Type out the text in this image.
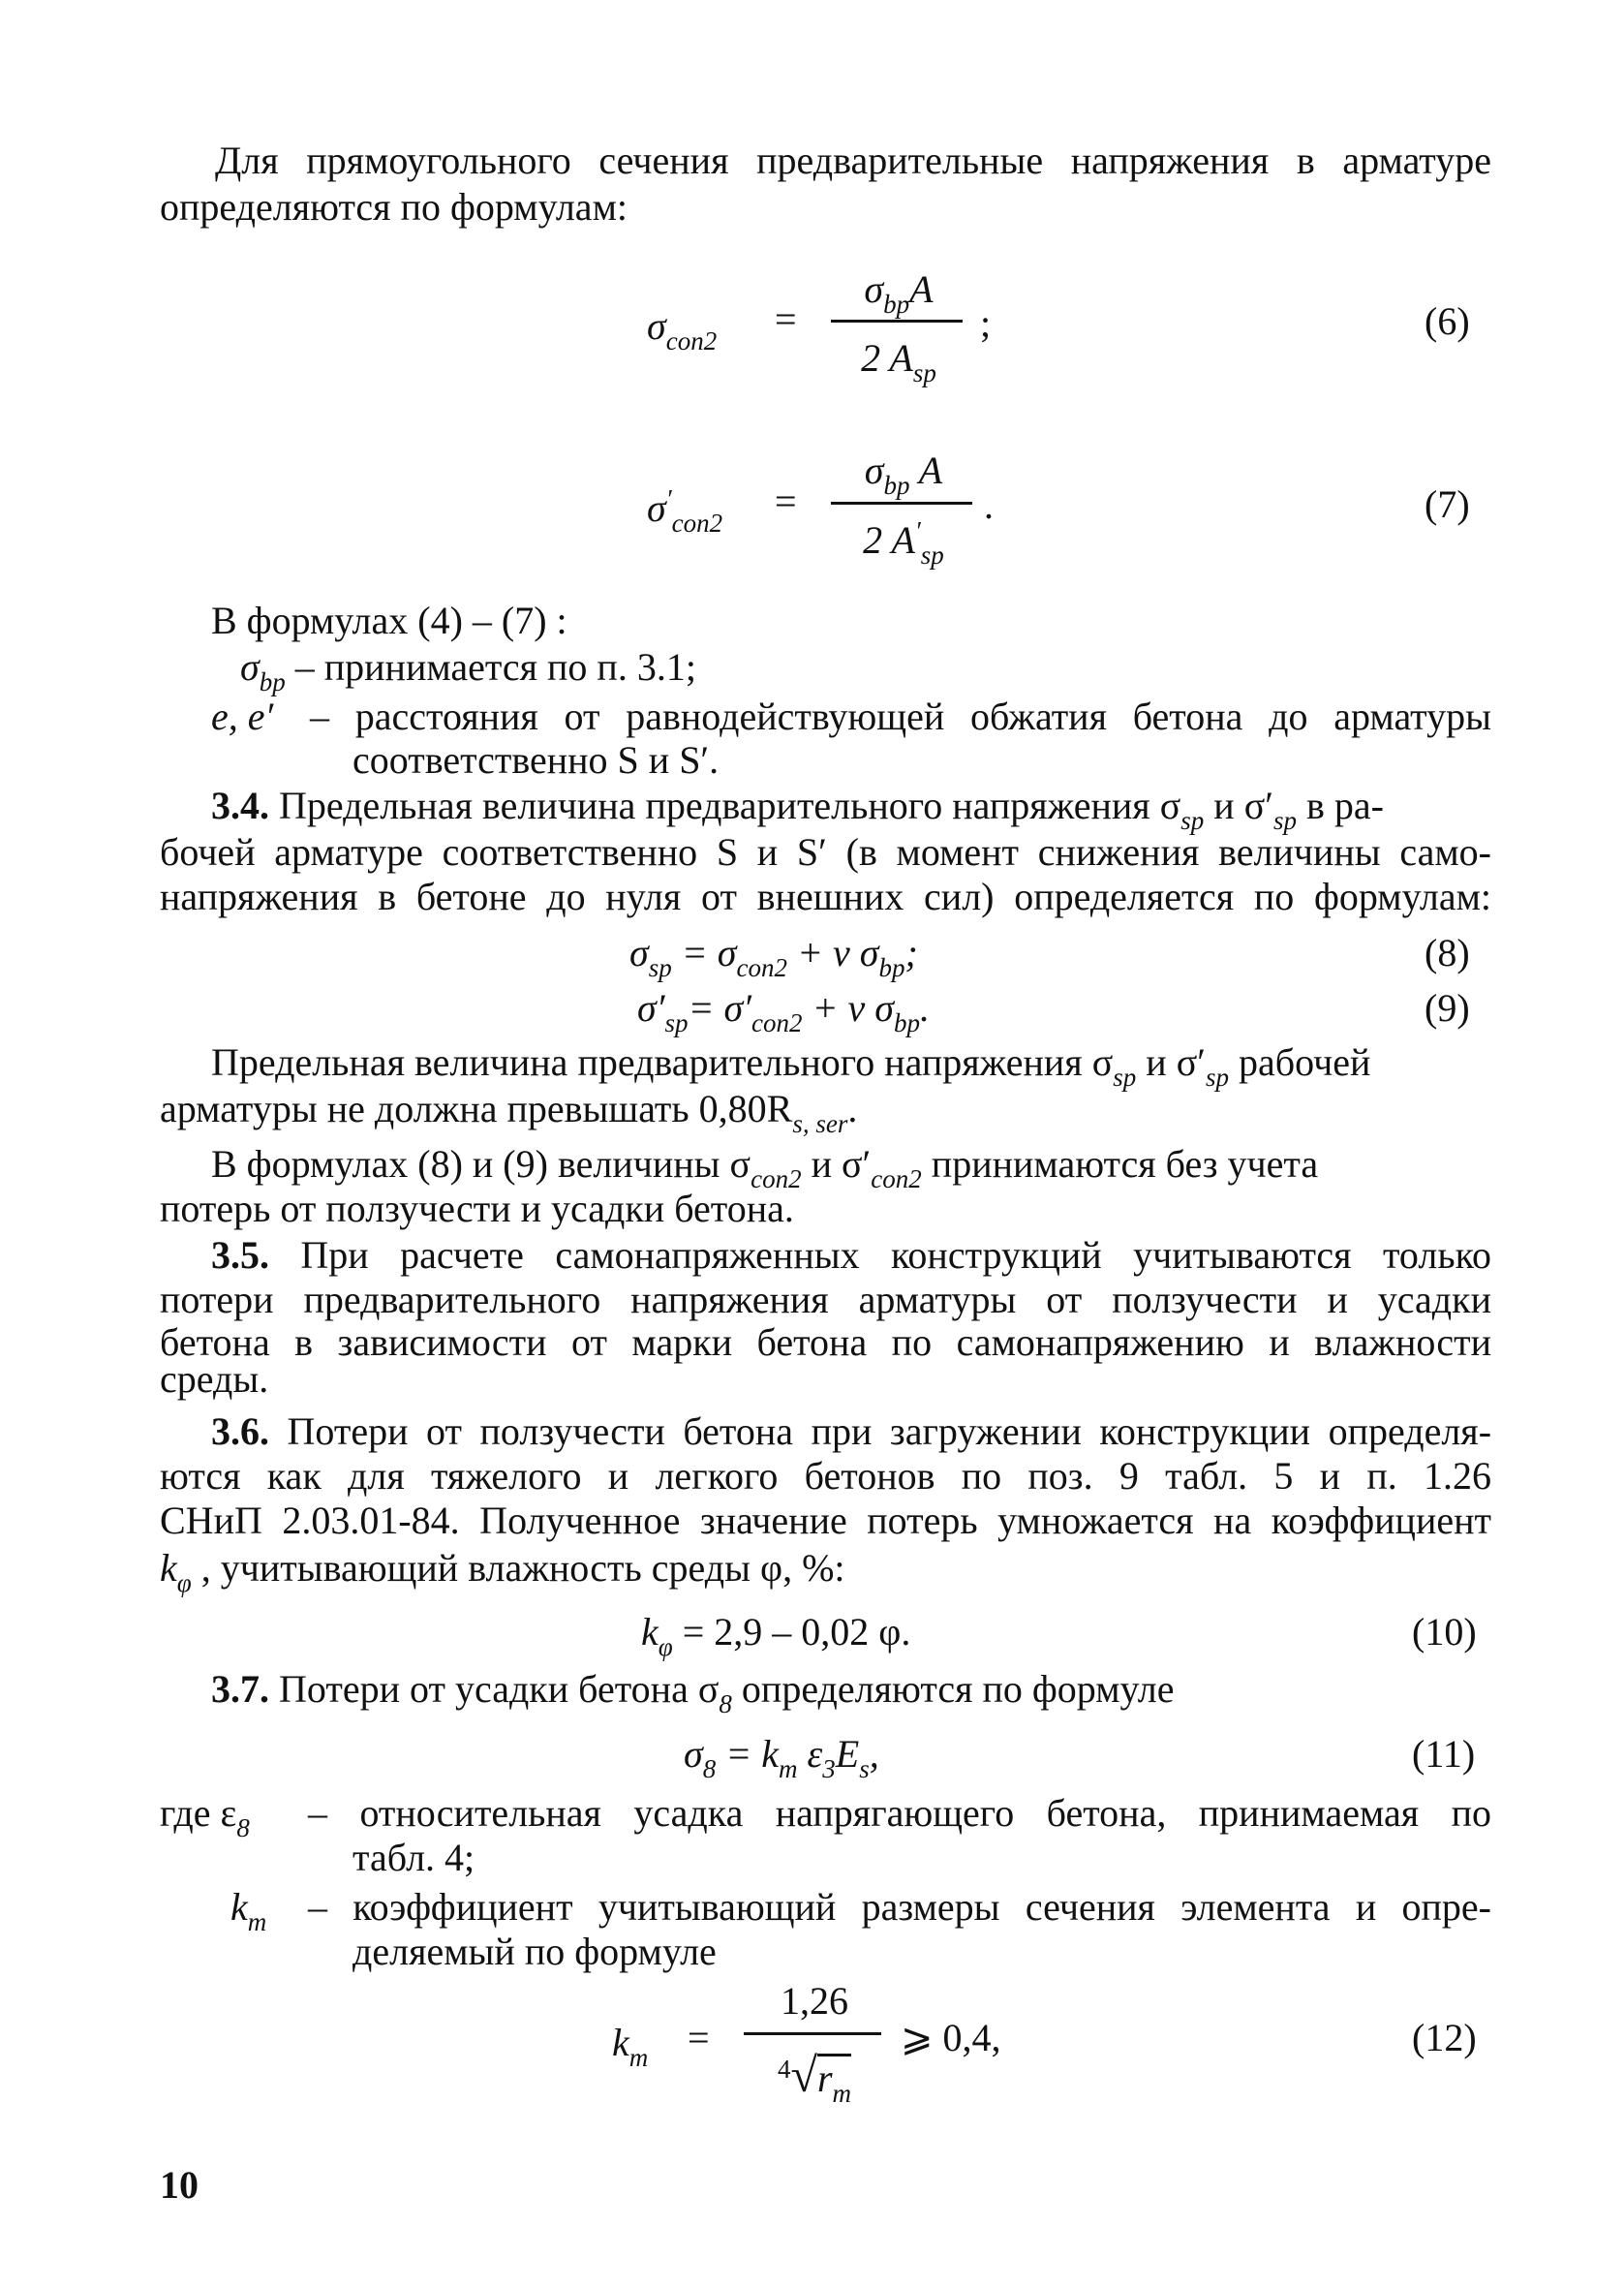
Для прямоугольного сечения предварительные напряжения в арматуре
определяются по формулам:
$\sigma_{con2}$ =
$\sigma_{bp}A$
2 $A_{sp}$
;	(6)
$\sigma'_{con2}$ =
$\sigma_{bp}$ A
2 $A'_{sp}$
.	(7)
В формулах (4) – (7) :
$\sigma_{bp}$ – принимается по п. 3.1;
e, e′ – расстояния от равнодействующей обжатия бетона до арматуры
соответственно S и S′.
3.4. Предельная величина предварительного напряжения $\sigma_{sp}$ и $\sigma'_{sp}$ в ра-
бочей арматуре соответственно S и S′ (в момент снижения величины само-
напряжения в бетоне до нуля от внешних сил) определяется по формулам:
$\sigma_{sp} = \sigma_{con2} + \nu$ $\sigma_{bp}$;	(8)
$\sigma'_{sp}= \sigma'_{con2} + \nu$ $\sigma_{bp}$.	(9)
Предельная величина предварительного напряжения $\sigma_{sp}$ и $\sigma'_{sp}$ рабочей
арматуры не должна превышать $0,80R_{s, ser}$.
В формулах (8) и (9) величины $\sigma_{con2}$ и $\sigma'_{con2}$ принимаются без учета
потерь от ползучести и усадки бетона.
3.5. При расчете самонапряженных конструкций учитываются только
потери предварительного напряжения арматуры от ползучести и усадки
бетона в зависимости от марки бетона по самонапряжению и влажности
среды.
3.6. Потери от ползучести бетона при загружении конструкции определя-
ются как для тяжелого и легкого бетонов по поз. 9 табл. 5 и п. 1.26
СНиП 2.03.01-84. Полученное значение потерь умножается на коэффициент
$k_\varphi$ , учитывающий влажность среды φ, %:
$k_\varphi = 2,9 - 0,02$ φ.	(10)
3.7. Потери от усадки бетона $\sigma_8$ определяются по формуле
$\sigma_8 = k_m$ $\varepsilon_3E_s$,	(11)
где $\varepsilon_8$ – относительная усадка напрягающего бетона, принимаемая по
табл. 4;
$k_m$ – коэффициент учитывающий размеры сечения элемента и опре-
деляемый по формуле
$k_m$ =
1,26
$^4√r_m$
⩾ 0,4,	(12)
10
